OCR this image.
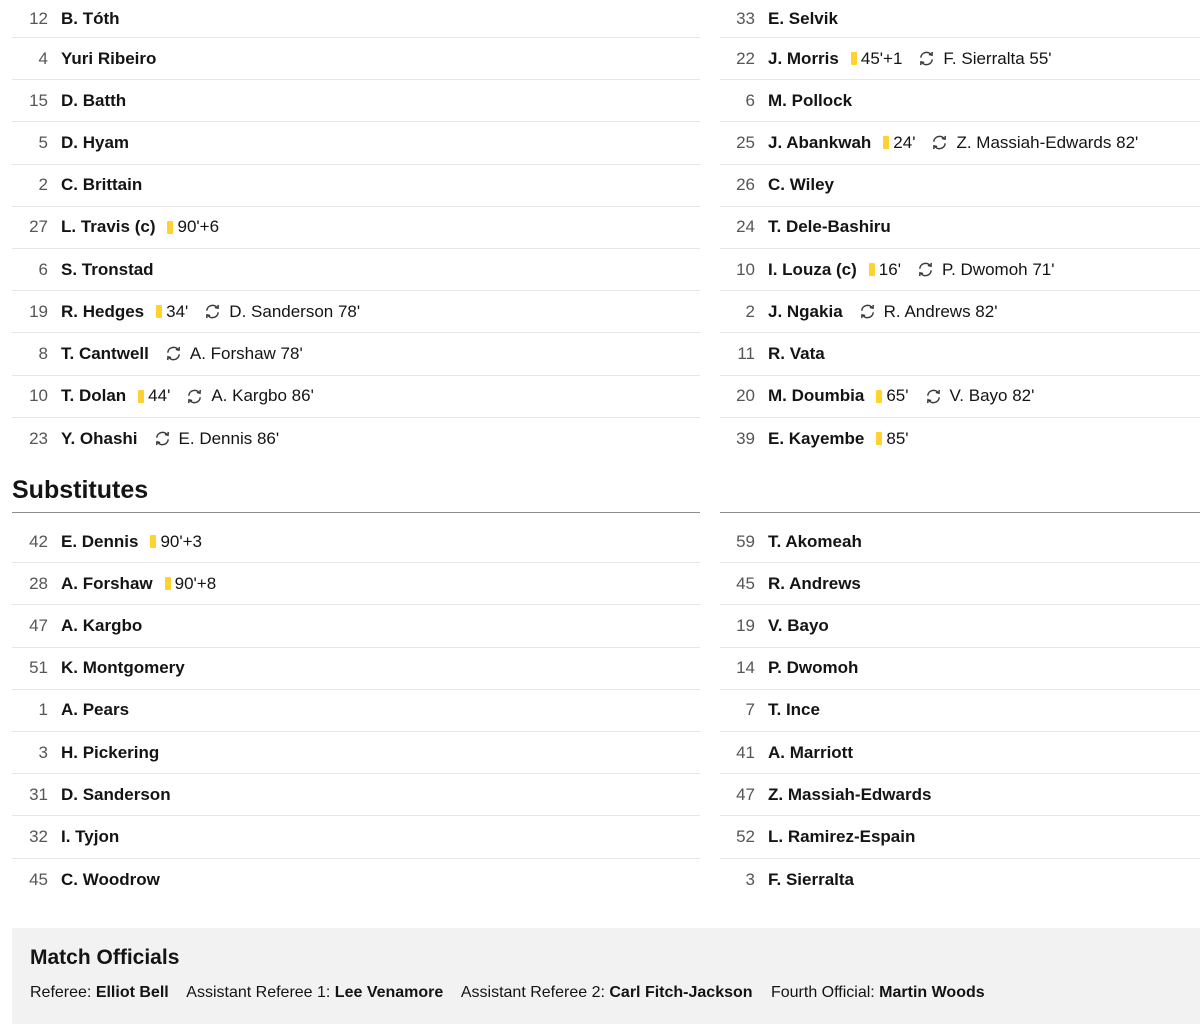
12 B. Tóth
4 Yuri Ribeiro
15 D. Batth
5 D. Hyam
2 C. Brittain
27 L. Travis (c) 90'+6
6 S. Tronstad
19 R. Hedges 34' D. Sanderson 78'
8 T. Cantwell A. Forshaw 78'
10 T. Dolan 44' A. Kargbo 86'
23 Y. Ohashi E. Dennis 86'
33 E. Selvik
22 J. Morris 45'+1 F. Sierralta 55'
6 M. Pollock
25 J. Abankwah 24' Z. Massiah-Edwards 82'
26 C. Wiley
24 T. Dele-Bashiru
10 I. Louza (c) 16' P. Dwomoh 71'
2 J. Ngakia R. Andrews 82'
11 R. Vata
20 M. Doumbia 65' V. Bayo 82'
39 E. Kayembe 85'
Substitutes
42 E. Dennis 90'+3
28 A. Forshaw 90'+8
47 A. Kargbo
51 K. Montgomery
1 A. Pears
3 H. Pickering
31 D. Sanderson
32 I. Tyjon
45 C. Woodrow
59 T. Akomeah
45 R. Andrews
19 V. Bayo
14 P. Dwomoh
7 T. Ince
41 A. Marriott
47 Z. Massiah-Edwards
52 L. Ramirez-Espain
3 F. Sierralta
Match Officials
Referee: Elliot Bell Assistant Referee 1: Lee Venamore Assistant Referee 2: Carl Fitch-Jackson Fourth Official: Martin Woods
